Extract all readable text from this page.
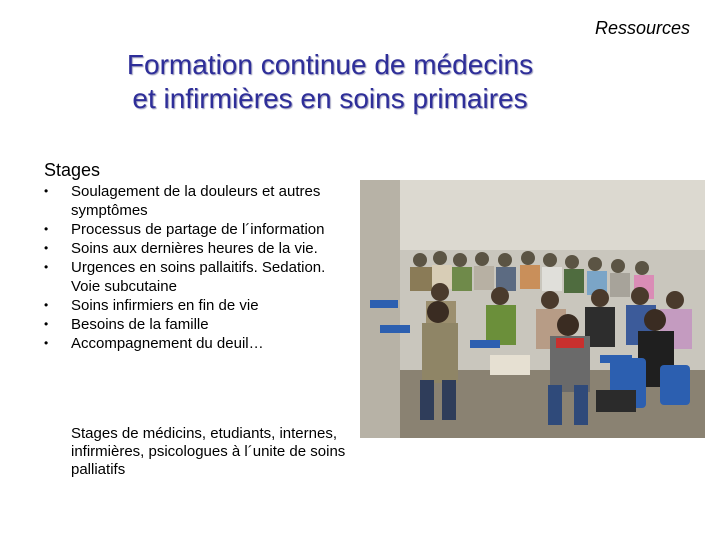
Ressources
Formation continue de médecins
et infirmières en soins primaires
Stages
• Soulagement de la douleurs et autres symptômes
• Processus de partage de l´information
• Soins aux dernières heures de la vie.
• Urgences en soins pallaitifs. Sedation. Voie subcutaine
• Soins infirmiers en fin de vie
• Besoins de la famille
• Accompagnement du deuil…
Stages de médicins, etudiants, internes, infirmières, psicologues à l´unite de soins palliatifs
